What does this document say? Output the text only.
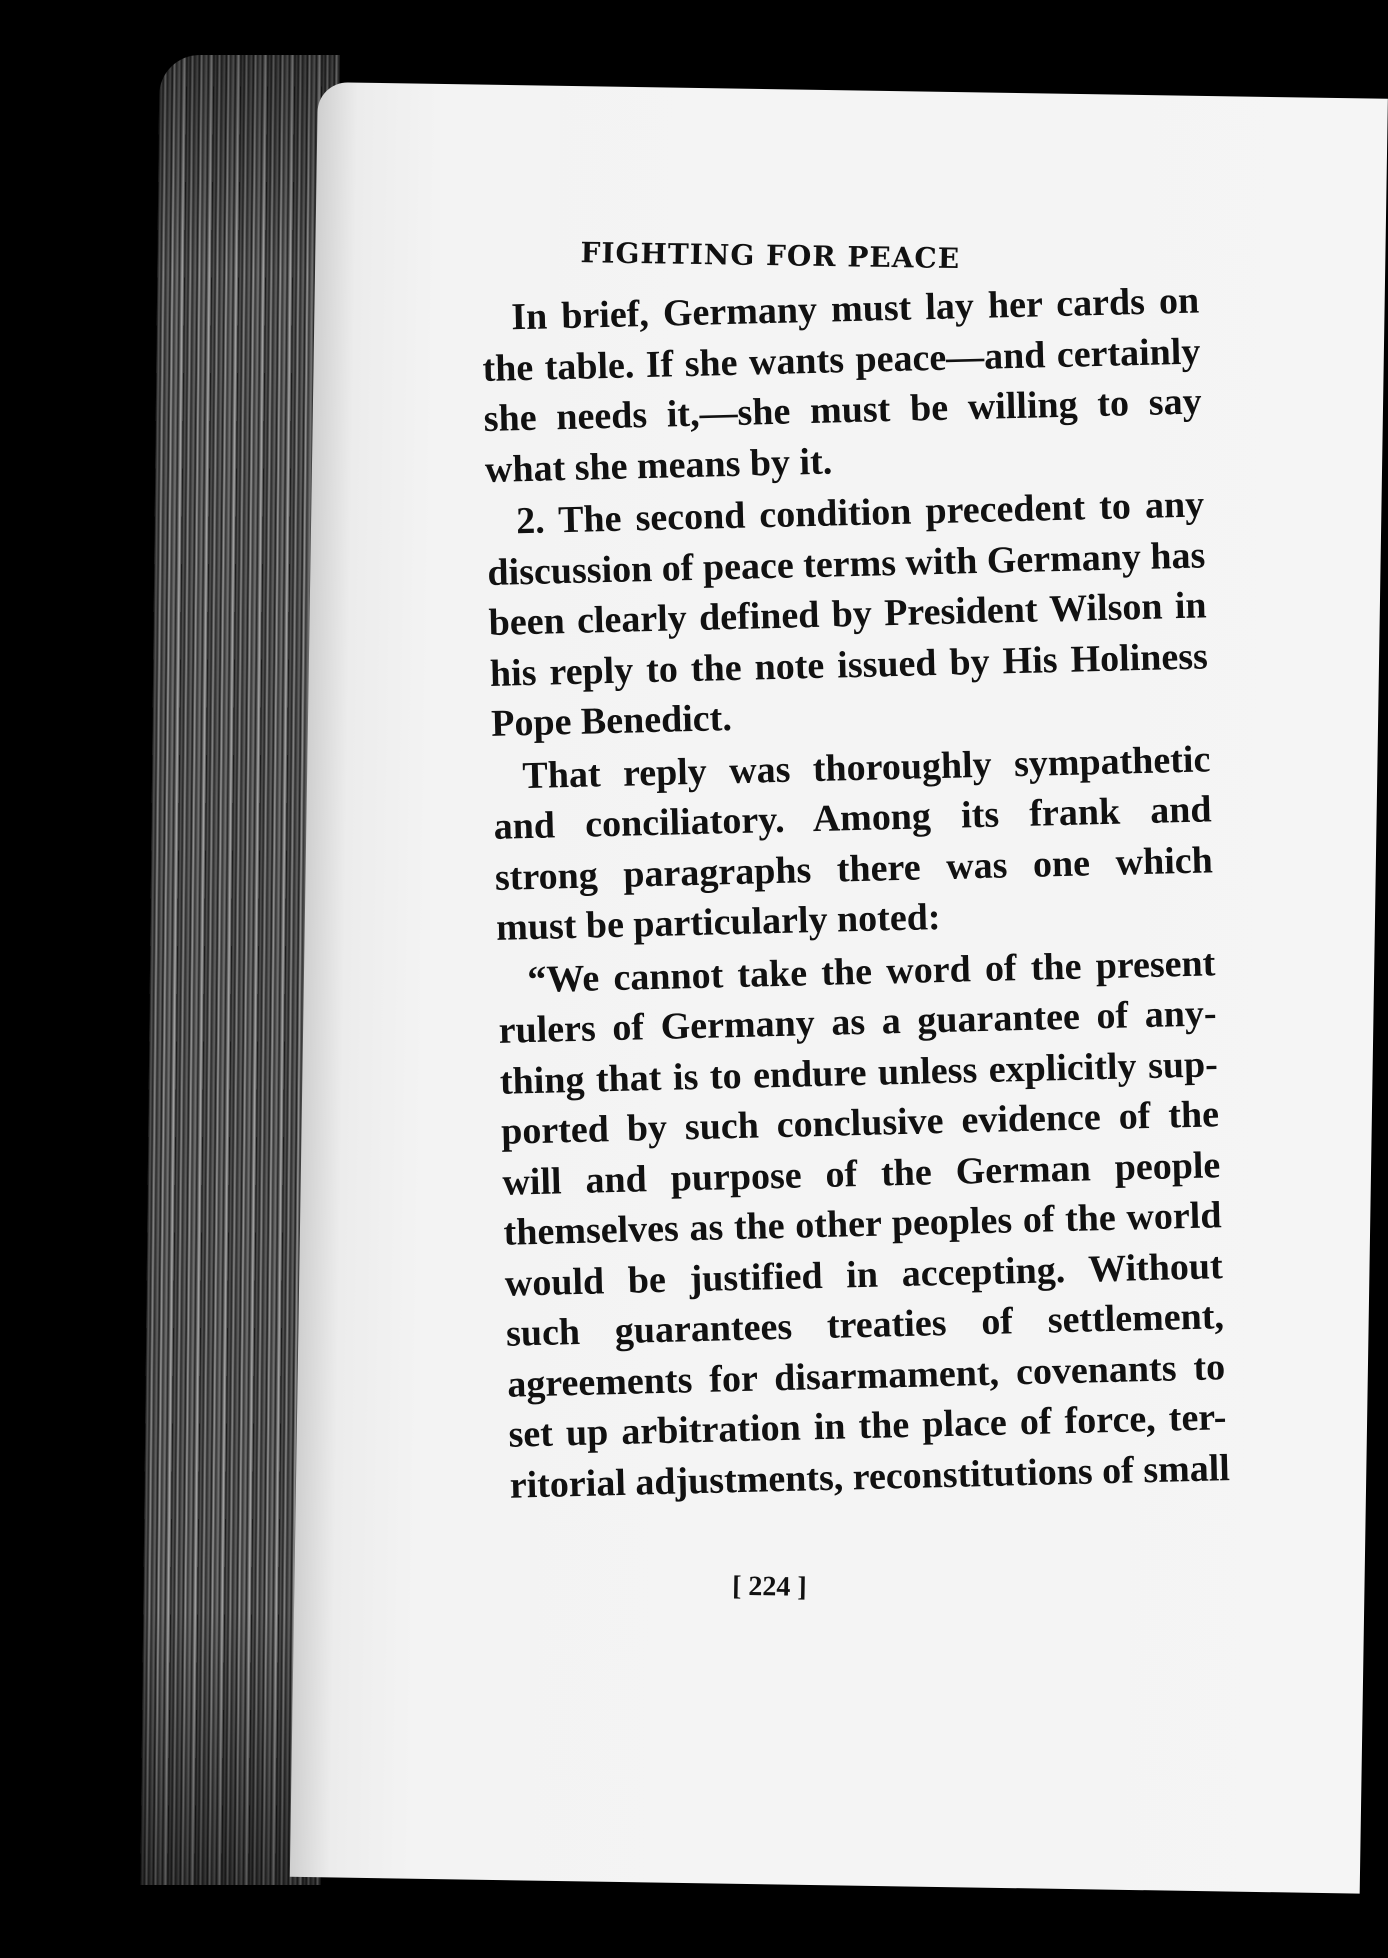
FIGHTING FOR PEACE

In brief, Germany must lay her cards on
the table. If she wants peace—and certainly
she needs it,—she must be willing to say
what she means by it.

2. The second condition precedent to any
discussion of peace terms with Germany has
been clearly defined by President Wilson in
his reply to the note issued by His Holiness
Pope Benedict.

That reply was thoroughly sympathetic
and conciliatory. Among its frank and
strong paragraphs there was one which
must be particularly noted:

“We cannot take the word of the present
rulers of Germany as a guarantee of any-
thing that is to endure unless explicitly sup-
ported by such conclusive evidence of the
will and purpose of the German people
themselves as the other peoples of the world
would be justified in accepting. Without
such guarantees treaties of settlement,
agreements for disarmament, covenants to
set up arbitration in the place of force, ter-
ritorial adjustments, reconstitutions of small

[ 224 ]
